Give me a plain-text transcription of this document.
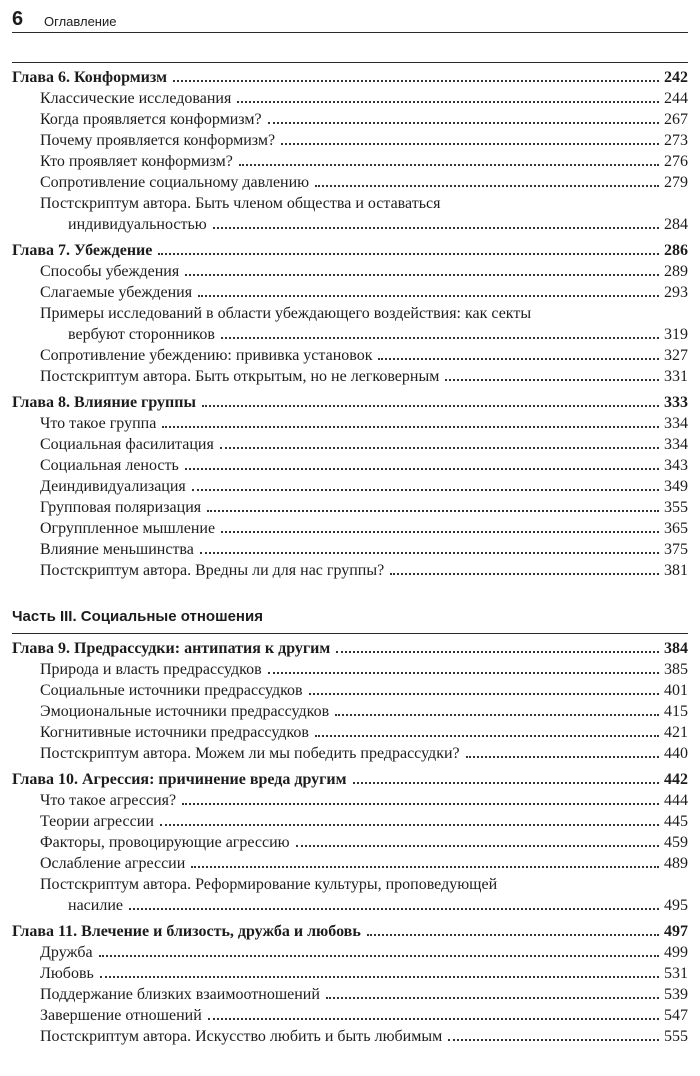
6 Оглавление
Глава 6. Конформизм	242
Классические исследования	244
Когда проявляется конформизм?	267
Почему проявляется конформизм?	273
Кто проявляет конформизм?	276
Сопротивление социальному давлению	279
Постскриптум автора. Быть членом общества и оставаться
индивидуальностью	284
Глава 7. Убеждение	286
Способы убеждения	289
Слагаемые убеждения	293
Примеры исследований в области убеждающего воздействия: как секты
вербуют сторонников	319
Сопротивление убеждению: прививка установок	327
Постскриптум автора. Быть открытым, но не легковерным	331
Глава 8. Влияние группы	333
Что такое группа	334
Социальная фасилитация	334
Социальная леность	343
Деиндивидуализация	349
Групповая поляризация	355
Огруппленное мышление	365
Влияние меньшинства	375
Постскриптум автора. Вредны ли для нас группы?	381
Часть III. Социальные отношения
Глава 9. Предрассудки: антипатия к другим	384
Природа и власть предрассудков	385
Социальные источники предрассудков	401
Эмоциональные источники предрассудков	415
Когнитивные источники предрассудков	421
Постскриптум автора. Можем ли мы победить предрассудки?	440
Глава 10. Агрессия: причинение вреда другим	442
Что такое агрессия?	444
Теории агрессии	445
Факторы, провоцирующие агрессию	459
Ослабление агрессии	489
Постскриптум автора. Реформирование культуры, проповедующей
насилие	495
Глава 11. Влечение и близость, дружба и любовь	497
Дружба	499
Любовь	531
Поддержание близких взаимоотношений	539
Завершение отношений	547
Постскриптум автора. Искусство любить и быть любимым	555
